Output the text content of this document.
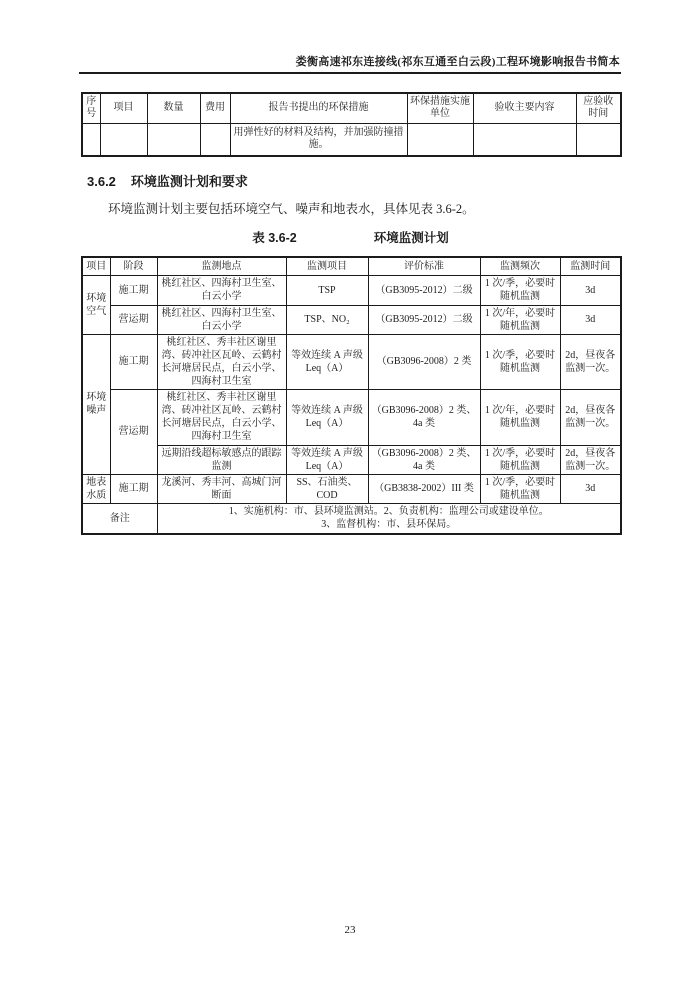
娄衡高速祁东连接线(祁东互通至白云段)工程环境影响报告书简本
序号	项目	数量	费用	报告书提出的环保措施	环保措施实施单位	验收主要内容	应验收时间
				用弹性好的材料及结构，并加强防撞措施。			
3.6.2 环境监测计划和要求
环境监测计划主要包括环境空气、噪声和地表水，具体见表 3.6-2。
表 3.6-2	环境监测计划
项目	阶段	监测地点	监测项目	评价标准	监测频次	监测时间
环境空气	施工期	桃红社区、四海村卫生室、白云小学	TSP	（GB3095-2012）二级	1 次/季，必要时随机监测	3d
	营运期	桃红社区、四海村卫生室、白云小学	TSP、NO₂	（GB3095-2012）二级	1 次/年，必要时随机监测	3d
环境噪声	施工期	桃红社区、秀丰社区谢里湾、砖冲社区瓦岭、云鹤村长河塘居民点，白云小学、四海村卫生室	等效连续 A 声级 Leq（A）	（GB3096-2008）2 类	1 次/季，必要时随机监测	2d，昼夜各监测一次。
	营运期	桃红社区、秀丰社区谢里湾、砖冲社区瓦岭、云鹤村长河塘居民点，白云小学、四海村卫生室	等效连续 A 声级 Leq（A）	（GB3096-2008）2 类、4a 类	1 次/年，必要时随机监测	2d，昼夜各监测一次。
		远期沿线超标敏感点的跟踪监测	等效连续 A 声级 Leq（A）	（GB3096-2008）2 类、4a 类	1 次/季，必要时随机监测	2d，昼夜各监测一次。
地表水质	施工期	龙溪河、秀丰河、高城门河断面	SS、石油类、COD	（GB3838-2002）III 类	1 次/季，必要时随机监测	3d
备注		1、实施机构：市、县环境监测站。2、负责机构：监理公司或建设单位。
3、监督机构：市、县环保局。				
23
